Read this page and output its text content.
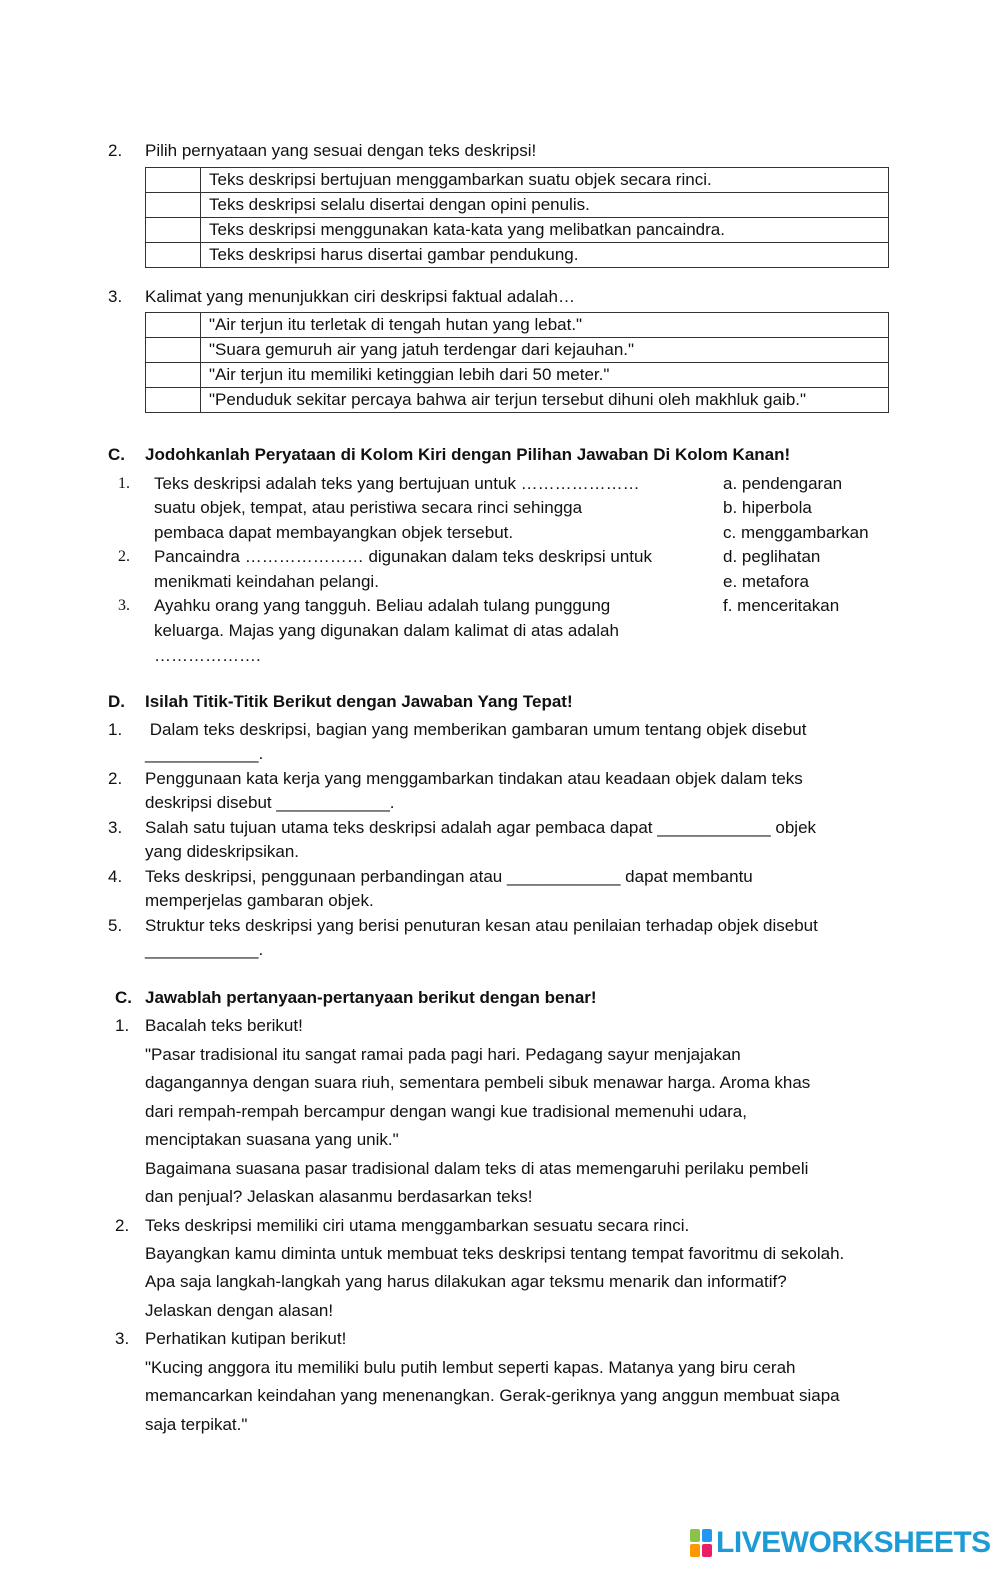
2. Pilih pernyataan yang sesuai dengan teks deskripsi!
	Teks deskripsi bertujuan menggambarkan suatu objek secara rinci.
	Teks deskripsi selalu disertai dengan opini penulis.
	Teks deskripsi menggunakan kata-kata yang melibatkan pancaindra.
	Teks deskripsi harus disertai gambar pendukung.
3. Kalimat yang menunjukkan ciri deskripsi faktual adalah…
	"Air terjun itu terletak di tengah hutan yang lebat."
	"Suara gemuruh air yang jatuh terdengar dari kejauhan."
	"Air terjun itu memiliki ketinggian lebih dari 50 meter."
	"Penduduk sekitar percaya bahwa air terjun tersebut dihuni oleh makhluk gaib."
C. Jodohkanlah Peryataan di Kolom Kiri dengan Pilihan Jawaban Di Kolom Kanan!
1. Teks deskripsi adalah teks yang bertujuan untuk …………………
suatu objek, tempat, atau peristiwa secara rinci sehingga
pembaca dapat membayangkan objek tersebut.
2. Pancaindra ………………… digunakan dalam teks deskripsi untuk
menikmati keindahan pelangi.
3. Ayahku orang yang tangguh. Beliau adalah tulang punggung
keluarga. Majas yang digunakan dalam kalimat di atas adalah
……………….
a. pendengaran
b. hiperbola
c. menggambarkan
d. peglihatan
e. metafora
f. menceritakan
D. Isilah Titik-Titik Berikut dengan Jawaban Yang Tepat!
1. Dalam teks deskripsi, bagian yang memberikan gambaran umum tentang objek disebut
____________.
2. Penggunaan kata kerja yang menggambarkan tindakan atau keadaan objek dalam teks
deskripsi disebut ____________.
3. Salah satu tujuan utama teks deskripsi adalah agar pembaca dapat ____________ objek
yang dideskripsikan.
4. Teks deskripsi, penggunaan perbandingan atau ____________ dapat membantu
memperjelas gambaran objek.
5. Struktur teks deskripsi yang berisi penuturan kesan atau penilaian terhadap objek disebut
____________.
C. Jawablah pertanyaan-pertanyaan berikut dengan benar!
1. Bacalah teks berikut!
"Pasar tradisional itu sangat ramai pada pagi hari. Pedagang sayur menjajakan
dagangannya dengan suara riuh, sementara pembeli sibuk menawar harga. Aroma khas
dari rempah-rempah bercampur dengan wangi kue tradisional memenuhi udara,
menciptakan suasana yang unik."
Bagaimana suasana pasar tradisional dalam teks di atas memengaruhi perilaku pembeli
dan penjual? Jelaskan alasanmu berdasarkan teks!
2. Teks deskripsi memiliki ciri utama menggambarkan sesuatu secara rinci.
Bayangkan kamu diminta untuk membuat teks deskripsi tentang tempat favoritmu di sekolah.
Apa saja langkah-langkah yang harus dilakukan agar teksmu menarik dan informatif?
Jelaskan dengan alasan!
3. Perhatikan kutipan berikut!
"Kucing anggora itu memiliki bulu putih lembut seperti kapas. Matanya yang biru cerah
memancarkan keindahan yang menenangkan. Gerak-geriknya yang anggun membuat siapa
saja terpikat."
LIVEWORKSHEETS
